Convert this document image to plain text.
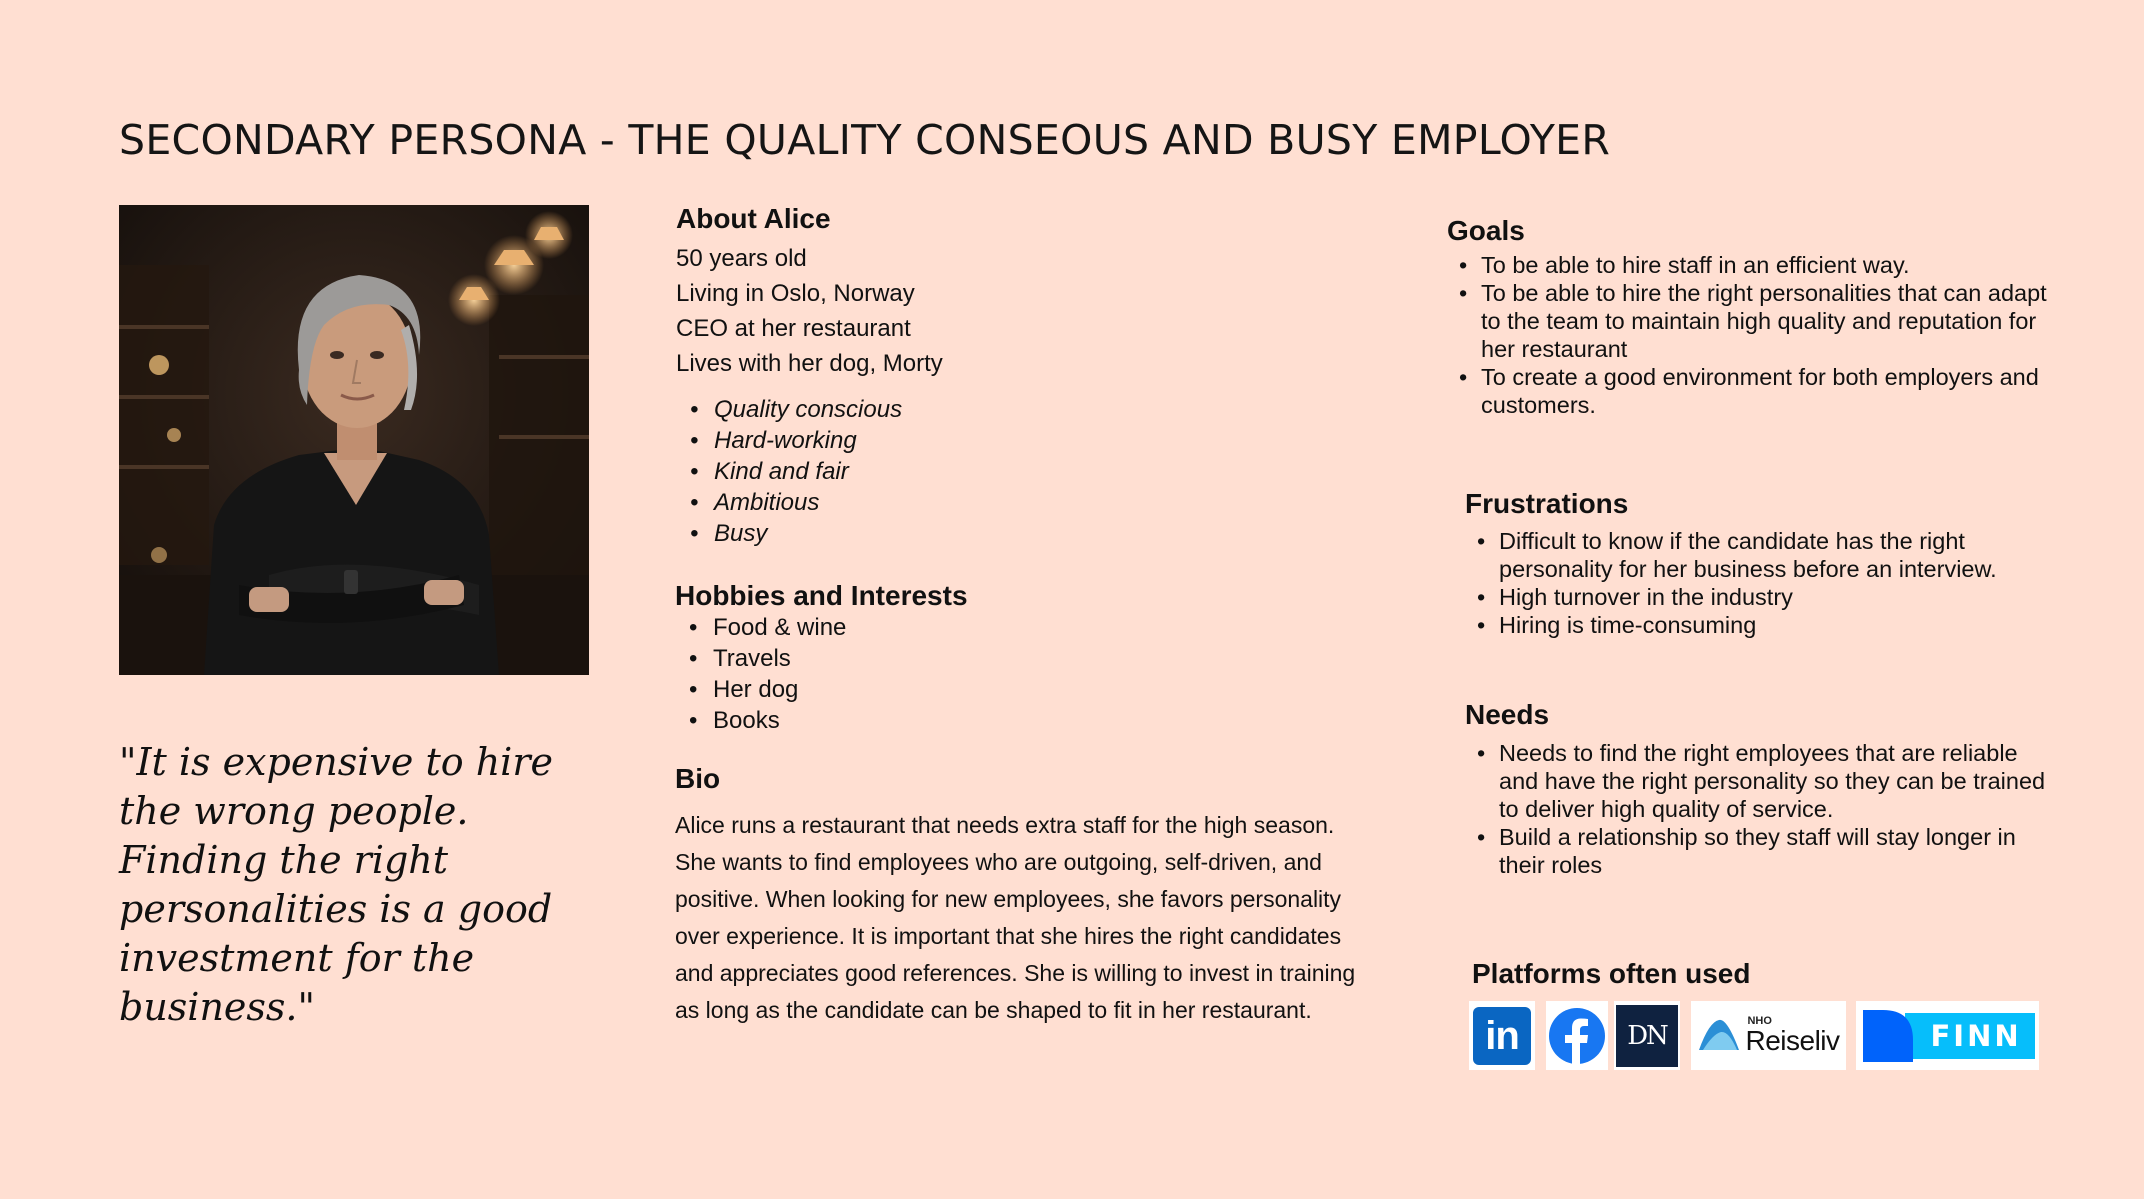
SECONDARY PERSONA - THE QUALITY CONSEOUS AND BUSY EMPLOYER
"It is expensive to hire the wrong people. Finding the right personalities is a good investment for the business."
About Alice
50 years old
Living in Oslo, Norway
CEO at her restaurant
Lives with her dog, Morty
• Quality conscious
• Hard-working
• Kind and fair
• Ambitious
• Busy
Hobbies and Interests
• Food & wine
• Travels
• Her dog
• Books
Bio
Alice runs a restaurant that needs extra staff for the high season. She wants to find employees who are outgoing, self-driven, and positive. When looking for new employees, she favors personality over experience. It is important that she hires the right candidates and appreciates good references. She is willing to invest in training as long as the candidate can be shaped to fit in her restaurant.
Goals
• To be able to hire staff in an efficient way.
• To be able to hire the right personalities that can adapt to the team to maintain high quality and reputation for her restaurant
• To create a good environment for both employers and customers.
Frustrations
• Difficult to know if the candidate has the right personality for her business before an interview.
• High turnover in the industry
• Hiring is time-consuming
Needs
• Needs to find the right employees that are reliable and have the right personality so they can be trained to deliver high quality of service.
• Build a relationship so they staff will stay longer in their roles
Platforms often used
in	DN	NHO
Reiseliv	FINN
